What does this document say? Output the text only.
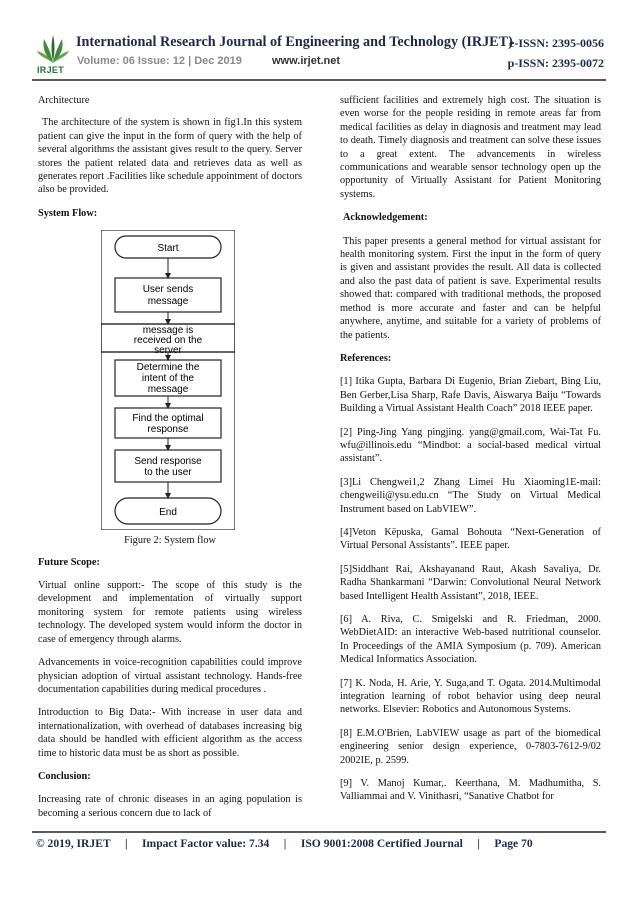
IRJET
International Research Journal of Engineering and Technology (IRJET)
e-ISSN: 2395-0056
Volume: 06 Issue: 12 | Dec 2019	www.irjet.net	p-ISSN: 2395-0072
Architecture

The architecture of the system is shown in fig1.In this system patient can give the input in the form of query with the help of several algorithms the assistant gives result to the query. Server stores the patient related data and retrieves data as well as generates report .Facilities like schedule appointment of doctors also be provided.

System Flow:
Start
User sends
message
message is
received on the
server
Determine the
intent of the
message
Find the optimal
response
Send response
to the user
End
Figure 2: System flow
Future Scope:

Virtual online support:- The scope of this study is the development and implementation of virtually support monitoring system for remote patients using wireless technology. The developed system would inform the doctor in case of emergency through alarms.

Advancements in voice-recognition capabilities could improve physician adoption of virtual assistant technology. Hands-free documentation capabilities during medical procedures .

Introduction to Big Data:- With increase in user data and internationalization, with overhead of databases increasing big data should be handled with efficient algorithm as the access time to historic data must be as short as possible.

Conclusion:

Increasing rate of chronic diseases in an aging population is becoming a serious concern due to lack of

sufficient facilities and extremely high cost. The situation is even worse for the people residing in remote areas far from medical facilities as delay in diagnosis and treatment may lead to death. Timely diagnosis and treatment can solve these issues to a great extent. The advancements in wireless communications and wearable sensor technology open up the opportunity of Virtually Assistant for Patient Monitoring systems.

Acknowledgement:

This paper presents a general method for virtual assistant for health monitoring system. First the input in the form of query is given and assistant provides the result. All data is collected and also the past data of patient is save. Experimental results showed that: compared with traditional methods, the proposed method is more accurate and faster and can be helpful anywhere, anytime, and suitable for a variety of problems of the patients.

References:

[1] Itika Gupta, Barbara Di Eugenio, Brian Ziebart, Bing Liu, Ben Gerber,Lisa Sharp, Rafe Davis, Aiswarya Baiju “Towards Building a Virtual Assistant Health Coach” 2018 IEEE paper.

[2] Ping-Jing Yang pingjing. yang@gmail.com, Wai-Tat Fu. wfu@illinois.edu “Mindbot: a social-based medical virtual assistant”.

[3]Li Chengwei1,2 Zhang Limei Hu Xiaoming1E-mail: chengweili@ysu.edu.cn “The Study on Virtual Medical Instrument based on LabVIEW”.

[4]Veton Këpuska, Gamal Bohouta “Next-Generation of Virtual Personal Assistants”. IEEE paper.

[5]Siddhant Rai, Akshayanand Raut, Akash Savaliya, Dr. Radha Shankarmani “Darwin: Convolutional Neural Network based Intelligent Health Assistant”, 2018, IEEE.

[6] A. Riva, C. Smigelski and R. Friedman, 2000. WebDietAID: an interactive Web-based nutritional counselor. In Proceedings of the AMIA Symposium (p. 709). American Medical Informatics Association.

[7] K. Noda, H. Arie, Y. Suga,and T. Ogata. 2014.Multimodal integration learning of robot behavior using deep neural networks. Elsevier: Robotics and Autonomous Systems.

[8] E.M.O'Brien, LabVIEW usage as part of the biomedical engineering senior design experience, 0-7803-7612-9/02 2002IE, p. 2599.

[9] V. Manoj Kumar,. Keerthana, M. Madhumitha, S. Valliammai and V. Vinithasri, “Sanative Chatbot for

© 2019, IRJET     |     Impact Factor value: 7.34     |     ISO 9001:2008 Certified Journal     |     Page 70
